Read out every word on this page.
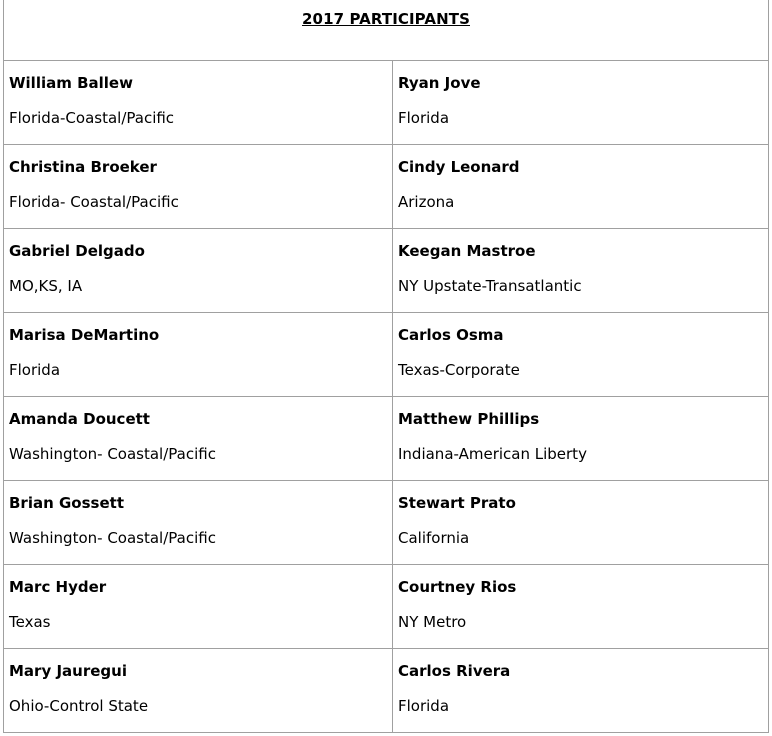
2017 PARTICIPANTS
William Ballew
Florida-Coastal/Pacific
Ryan Jove
Florida
Christina Broeker
Florida- Coastal/Pacific
Cindy Leonard
Arizona
Gabriel Delgado
MO,KS, IA
Keegan Mastroe
NY Upstate-Transatlantic
Marisa DeMartino
Florida
Carlos Osma
Texas-Corporate
Amanda Doucett
Washington- Coastal/Pacific
Matthew Phillips
Indiana-American Liberty
Brian Gossett
Washington- Coastal/Pacific
Stewart Prato
California
Marc Hyder
Texas
Courtney Rios
NY Metro
Mary Jauregui
Ohio-Control State
Carlos Rivera
Florida
